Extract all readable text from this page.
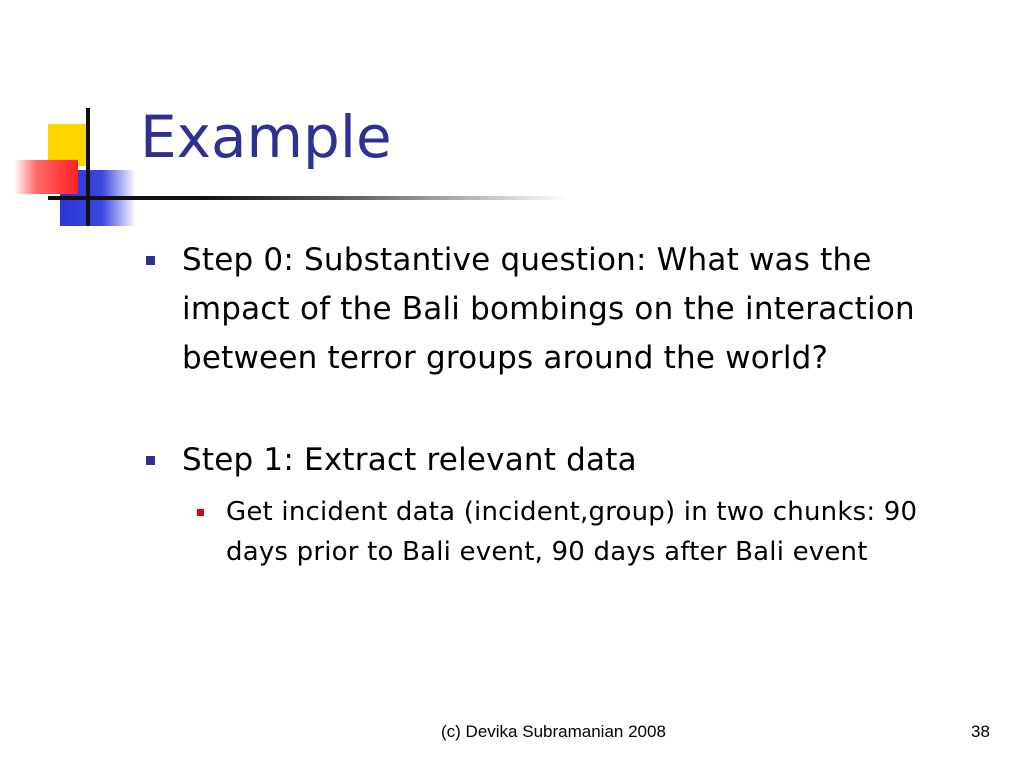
Example
Step 0: Substantive question: What was the impact of the Bali bombings on the interaction between terror groups around the world?
Step 1: Extract relevant data
Get incident data (incident,group) in two chunks: 90 days prior to Bali event, 90 days after Bali event
(c) Devika Subramanian 2008	38
